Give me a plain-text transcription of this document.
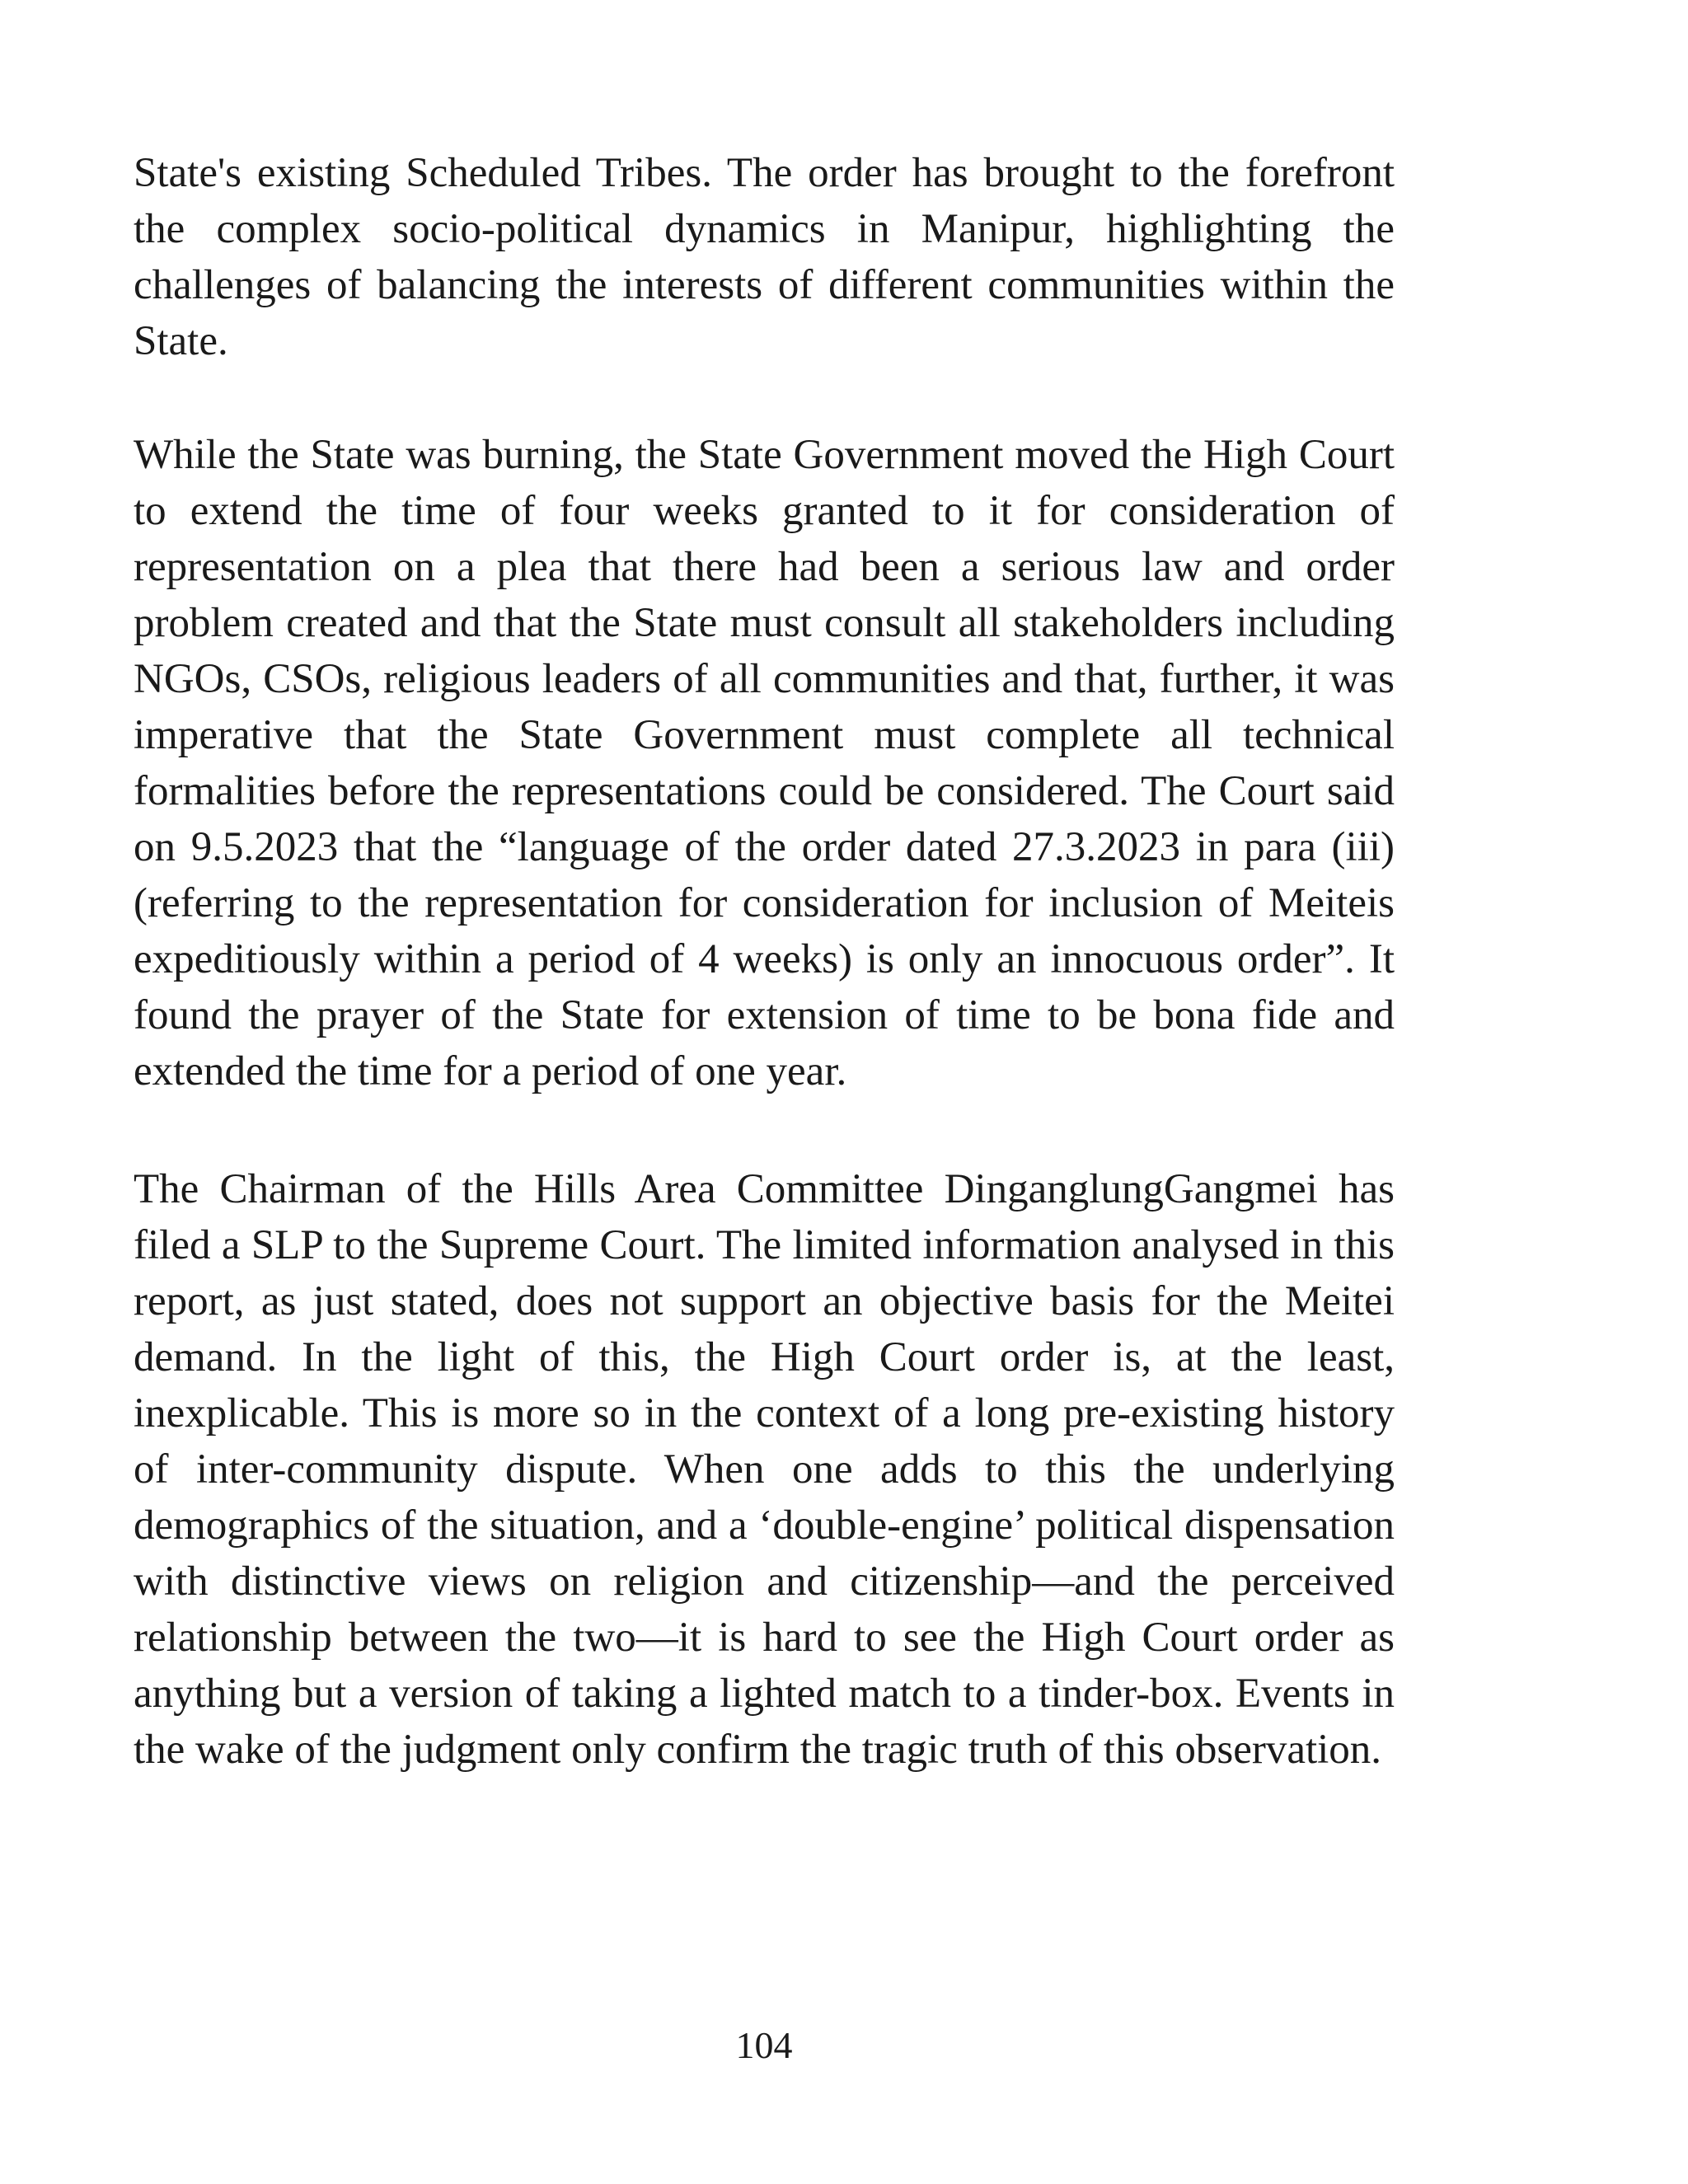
State's existing Scheduled Tribes. The order has brought to the forefront the complex socio-political dynamics in Manipur, highlighting the challenges of balancing the interests of different communities within the State.

While the State was burning, the State Government moved the High Court to extend the time of four weeks granted to it for consideration of representation on a plea that there had been a serious law and order problem created and that the State must consult all stakeholders including NGOs, CSOs, religious leaders of all communities and that, further, it was imperative that the State Government must complete all technical formalities before the representations could be considered. The Court said on 9.5.2023 that the “language of the order dated 27.3.2023 in para (iii) (referring to the representation for consideration for inclusion of Meiteis expeditiously within a period of 4 weeks) is only an innocuous order”. It found the prayer of the State for extension of time to be bona fide and extended the time for a period of one year.

The Chairman of the Hills Area Committee DinganglungGangmei has filed a SLP to the Supreme Court. The limited information analysed in this report, as just stated, does not support an objective basis for the Meitei demand. In the light of this, the High Court order is, at the least, inexplicable. This is more so in the context of a long pre-existing history of inter-community dispute. When one adds to this the underlying demographics of the situation, and a ‘double-engine’ political dispensation with distinctive views on religion and citizenship—and the perceived relationship between the two—it is hard to see the High Court order as anything but a version of taking a lighted match to a tinder-box. Events in the wake of the judgment only confirm the tragic truth of this observation.

104
